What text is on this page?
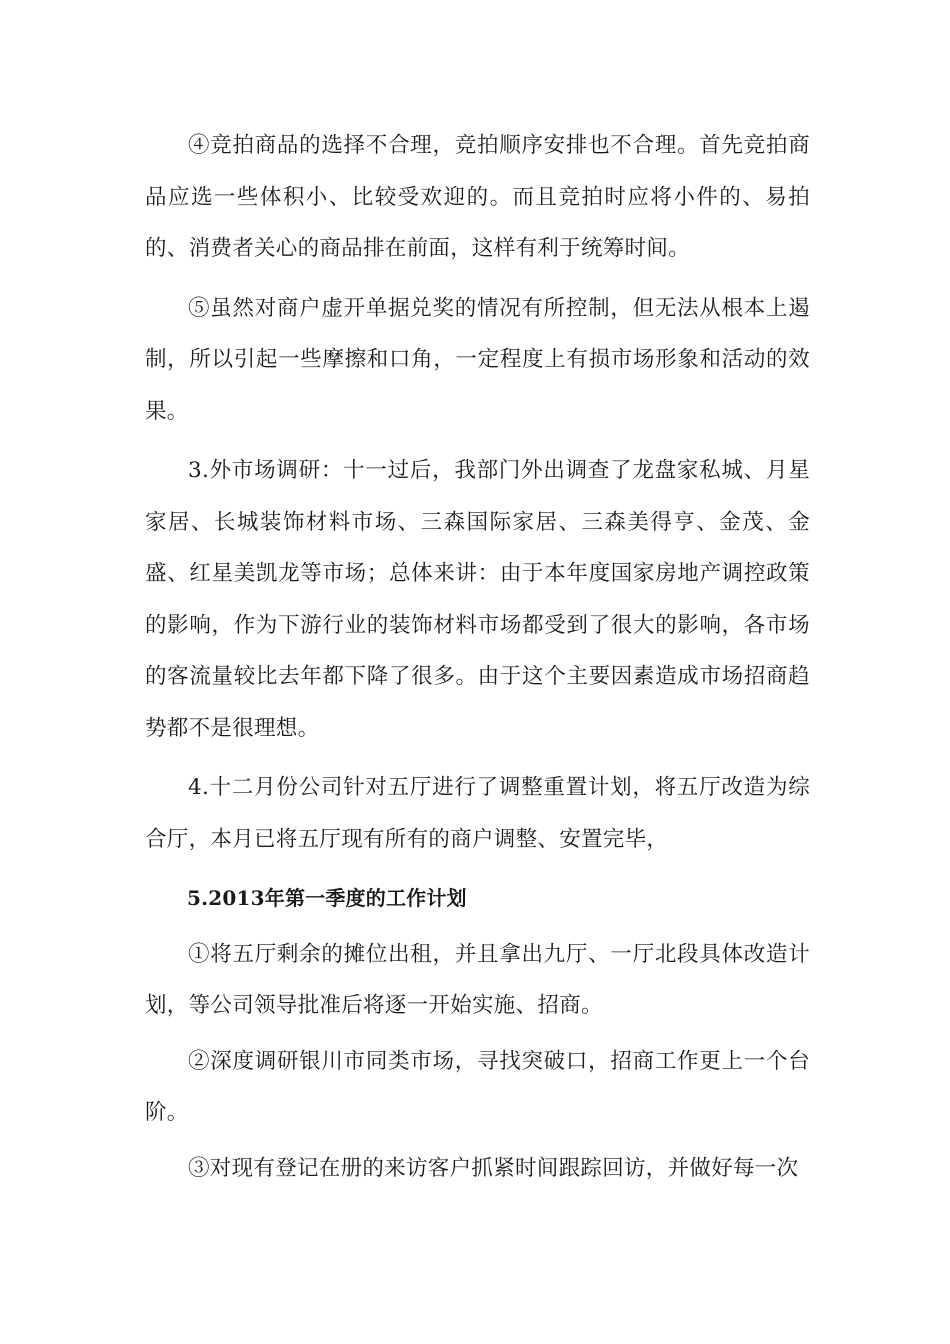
④竞拍商品的选择不合理，竞拍顺序安排也不合理。首先竞拍商品应选一些体积小、比较受欢迎的。而且竞拍时应将小件的、易拍的、消费者关心的商品排在前面，这样有利于统筹时间。

⑤虽然对商户虚开单据兑奖的情况有所控制，但无法从根本上遏制，所以引起一些摩擦和口角，一定程度上有损市场形象和活动的效果。

3.外市场调研：十一过后，我部门外出调查了龙盘家私城、月星家居、长城装饰材料市场、三森国际家居、三森美得亨、金茂、金盛、红星美凯龙等市场；总体来讲：由于本年度国家房地产调控政策的影响，作为下游行业的装饰材料市场都受到了很大的影响，各市场的客流量较比去年都下降了很多。由于这个主要因素造成市场招商趋势都不是很理想。

4.十二月份公司针对五厅进行了调整重置计划，将五厅改造为综合厅，本月已将五厅现有所有的商户调整、安置完毕，

5.2013年第一季度的工作计划

①将五厅剩余的摊位出租，并且拿出九厅、一厅北段具体改造计划，等公司领导批准后将逐一开始实施、招商。

②深度调研银川市同类市场，寻找突破口，招商工作更上一个台阶。

③对现有登记在册的来访客户抓紧时间跟踪回访，并做好每一次
